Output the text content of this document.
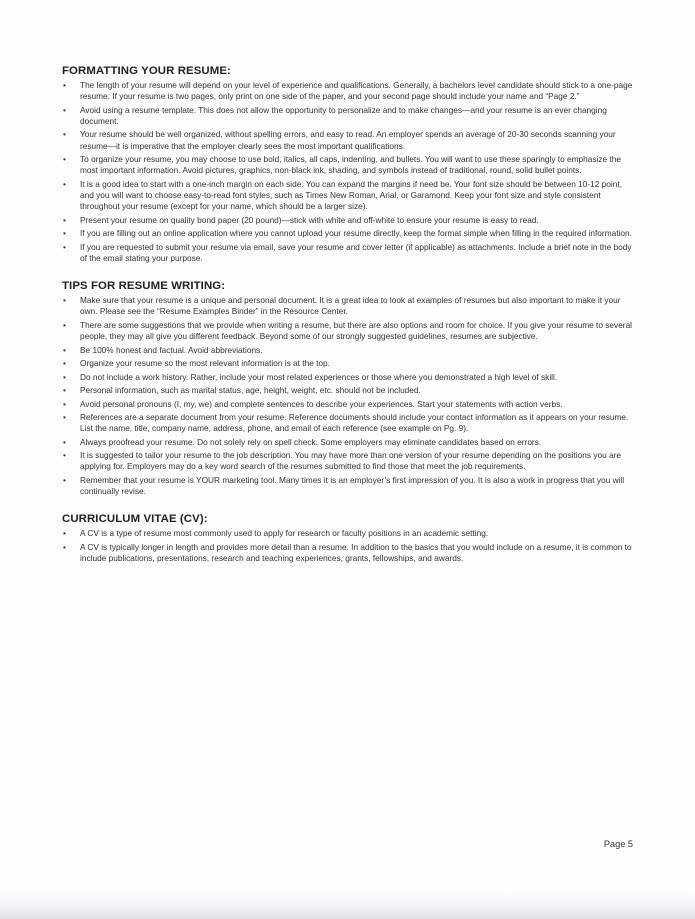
FORMATTING YOUR RESUME:
• The length of your resume will depend on your level of experience and qualifications. Generally, a bachelors level candidate should stick to a one-page resume. If your resume is two pages, only print on one side of the paper, and your second page should include your name and “Page 2.”
• Avoid using a resume template. This does not allow the opportunity to personalize and to make changes—and your resume is an ever changing document.
• Your resume should be well organized, without spelling errors, and easy to read. An employer spends an average of 20-30 seconds scanning your resume—it is imperative that the employer clearly sees the most important qualifications.
• To organize your resume, you may choose to use bold, italics, all caps, indenting, and bullets. You will want to use these sparingly to emphasize the most important information. Avoid pictures, graphics, non-black ink, shading, and symbols instead of traditional, round, solid bullet points.
• It is a good idea to start with a one-inch margin on each side. You can expand the margins if need be. Your font size should be between 10-12 point, and you will want to choose easy-to-read font styles, such as Times New Roman, Arial, or Garamond. Keep your font size and style consistent throughout your resume (except for your name, which should be a larger size).
• Present your resume on quality bond paper (20 pound)—stick with white and off-white to ensure your resume is easy to read.
• If you are filling out an online application where you cannot upload your resume directly, keep the format simple when filling in the required information.
• If you are requested to submit your resume via email, save your resume and cover letter (if applicable) as attachments. Include a brief note in the body of the email stating your purpose.
TIPS FOR RESUME WRITING:
• Make sure that your resume is a unique and personal document. It is a great idea to look at examples of resumes but also important to make it your own. Please see the “Resume Examples Binder” in the Resource Center.
• There are some suggestions that we provide when writing a resume, but there are also options and room for choice. If you give your resume to several people, they may all give you different feedback. Beyond some of our strongly suggested guidelines, resumes are subjective.
• Be 100% honest and factual. Avoid abbreviations.
• Organize your resume so the most relevant information is at the top.
• Do not include a work history. Rather, include your most related experiences or those where you demonstrated a high level of skill.
• Personal information, such as marital status, age, height, weight, etc. should not be included.
• Avoid personal pronouns (I, my, we) and complete sentences to describe your experiences. Start your statements with action verbs.
• References are a separate document from your resume. Reference documents should include your contact information as it appears on your resume. List the name, title, company name, address, phone, and email of each reference (see example on Pg. 9).
• Always proofread your resume. Do not solely rely on spell check. Some employers may eliminate candidates based on errors.
• It is suggested to tailor your resume to the job description. You may have more than one version of your resume depending on the positions you are applying for. Employers may do a key word search of the resumes submitted to find those that meet the job requirements.
• Remember that your resume is YOUR marketing tool. Many times it is an employer’s first impression of you. It is also a work in progress that you will continually revise.
CURRICULUM VITAE (CV):
• A CV is a type of resume most commonly used to apply for research or faculty positions in an academic setting.
• A CV is typically longer in length and provides more detail than a resume. In addition to the basics that you would include on a resume, it is common to include publications, presentations, research and teaching experiences, grants, fellowships, and awards.
Page 5
